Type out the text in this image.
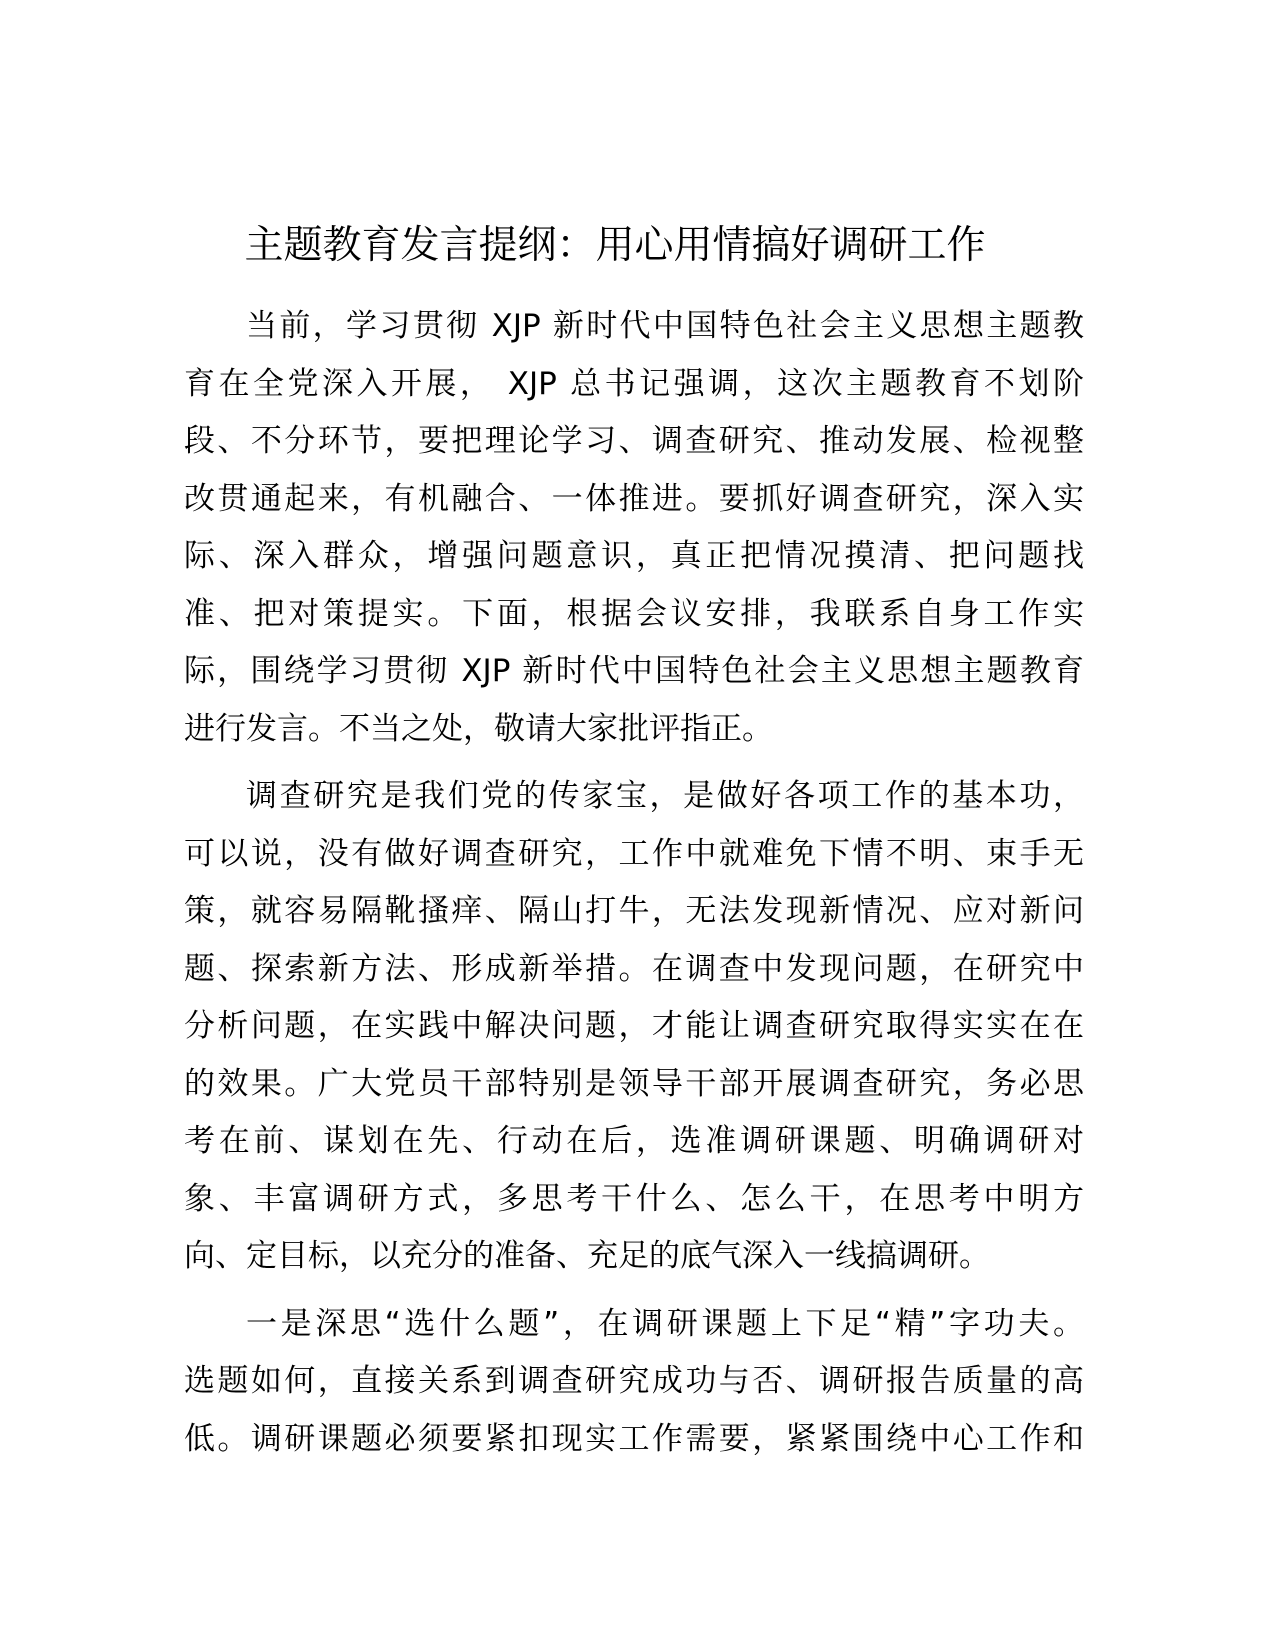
主题教育发言提纲：用心用情搞好调研工作
当前，学习贯彻 XJP 新时代中国特色社会主义思想主题教
育在全党深入开展， XJP 总书记强调，这次主题教育不划阶
段、不分环节，要把理论学习、调查研究、推动发展、检视整
改贯通起来，有机融合、一体推进。要抓好调查研究，深入实
际、深入群众，增强问题意识，真正把情况摸清、把问题找
准、把对策提实。下面，根据会议安排，我联系自身工作实
际，围绕学习贯彻 XJP 新时代中国特色社会主义思想主题教育
进行发言。不当之处，敬请大家批评指正。
调查研究是我们党的传家宝，是做好各项工作的基本功，
可以说，没有做好调查研究，工作中就难免下情不明、束手无
策，就容易隔靴搔痒、隔山打牛，无法发现新情况、应对新问
题、探索新方法、形成新举措。在调查中发现问题，在研究中
分析问题，在实践中解决问题，才能让调查研究取得实实在在
的效果。广大党员干部特别是领导干部开展调查研究，务必思
考在前、谋划在先、行动在后，选准调研课题、明确调研对
象、丰富调研方式，多思考干什么、怎么干，在思考中明方
向、定目标，以充分的准备、充足的底气深入一线搞调研。
一是深思“选什么题”，在调研课题上下足“精”字功夫。
选题如何，直接关系到调查研究成功与否、调研报告质量的高
低。调研课题必须要紧扣现实工作需要，紧紧围绕中心工作和
